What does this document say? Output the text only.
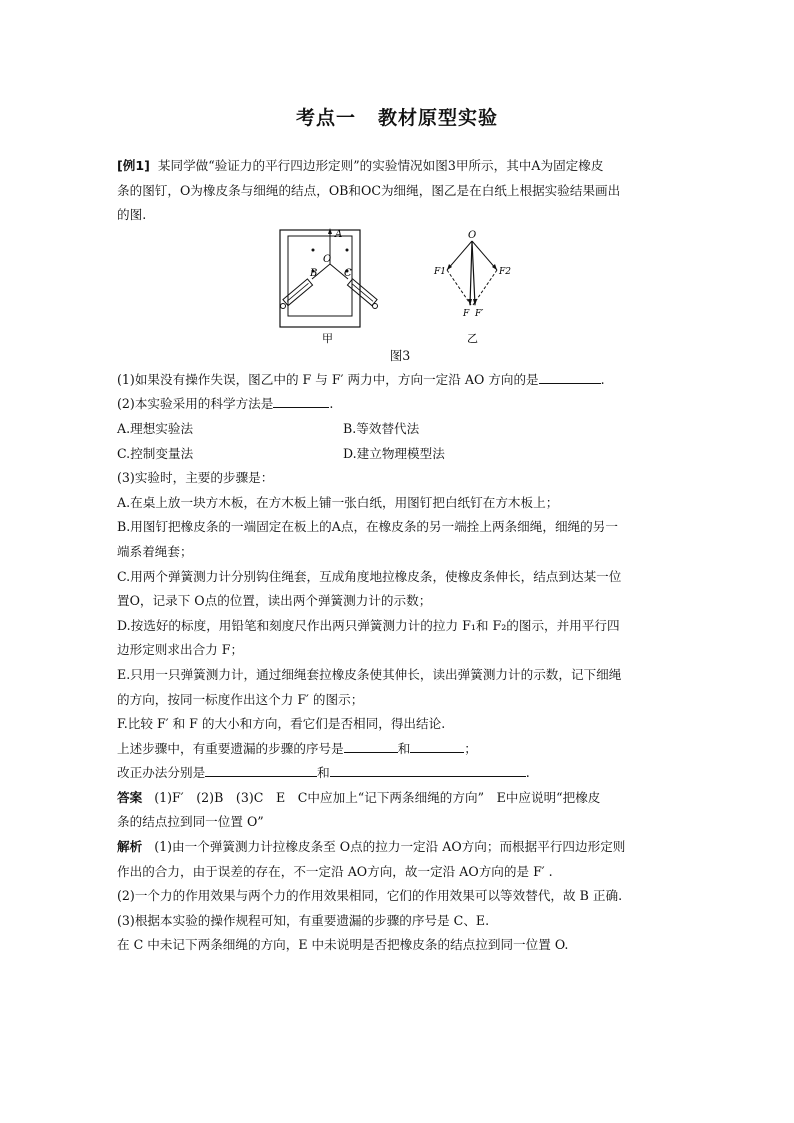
考点一 教材原型实验
[例1] 某同学做“验证力的平行四边形定则”的实验情况如图3甲所示，其中A为固定橡皮
条的图钉，O为橡皮条与细绳的结点，OB和OC为细绳，图乙是在白纸上根据实验结果画出
的图.
A
O
B	C
甲
O
F1	F2
F F′
乙
图3
(1)如果没有操作失误，图乙中的 F 与 F′ 两力中，方向一定沿 AO 方向的是	.
(2)本实验采用的科学方法是	.
A.理想实验法	B.等效替代法
C.控制变量法	D.建立物理模型法
(3)实验时，主要的步骤是：
A.在桌上放一块方木板，在方木板上铺一张白纸，用图钉把白纸钉在方木板上；
B.用图钉把橡皮条的一端固定在板上的A点，在橡皮条的另一端拴上两条细绳，细绳的另一
端系着绳套；
C.用两个弹簧测力计分别钩住绳套，互成角度地拉橡皮条，使橡皮条伸长，结点到达某一位
置O，记录下 O点的位置，读出两个弹簧测力计的示数；
D.按选好的标度，用铅笔和刻度尺作出两只弹簧测力计的拉力 F₁和 F₂的图示，并用平行四
边形定则求出合力 F；
E.只用一只弹簧测力计，通过细绳套拉橡皮条使其伸长，读出弹簧测力计的示数，记下细绳
的方向，按同一标度作出这个力 F′ 的图示；
F.比较 F′ 和 F 的大小和方向，看它们是否相同，得出结论.
上述步骤中，有重要遗漏的步骤的序号是	和	；
改正办法分别是	和	.
答案 (1)F′　(2)B　(3)C　E　C中应加上“记下两条细绳的方向”　E中应说明“把橡皮
条的结点拉到同一位置 O”
解析 (1)由一个弹簧测力计拉橡皮条至 O点的拉力一定沿 AO方向；而根据平行四边形定则
作出的合力，由于误差的存在，不一定沿 AO方向，故一定沿 AO方向的是 F′ .
(2)一个力的作用效果与两个力的作用效果相同，它们的作用效果可以等效替代，故 B 正确.
(3)根据本实验的操作规程可知，有重要遗漏的步骤的序号是 C、E.
在 C 中未记下两条细绳的方向，E 中未说明是否把橡皮条的结点拉到同一位置 O.
